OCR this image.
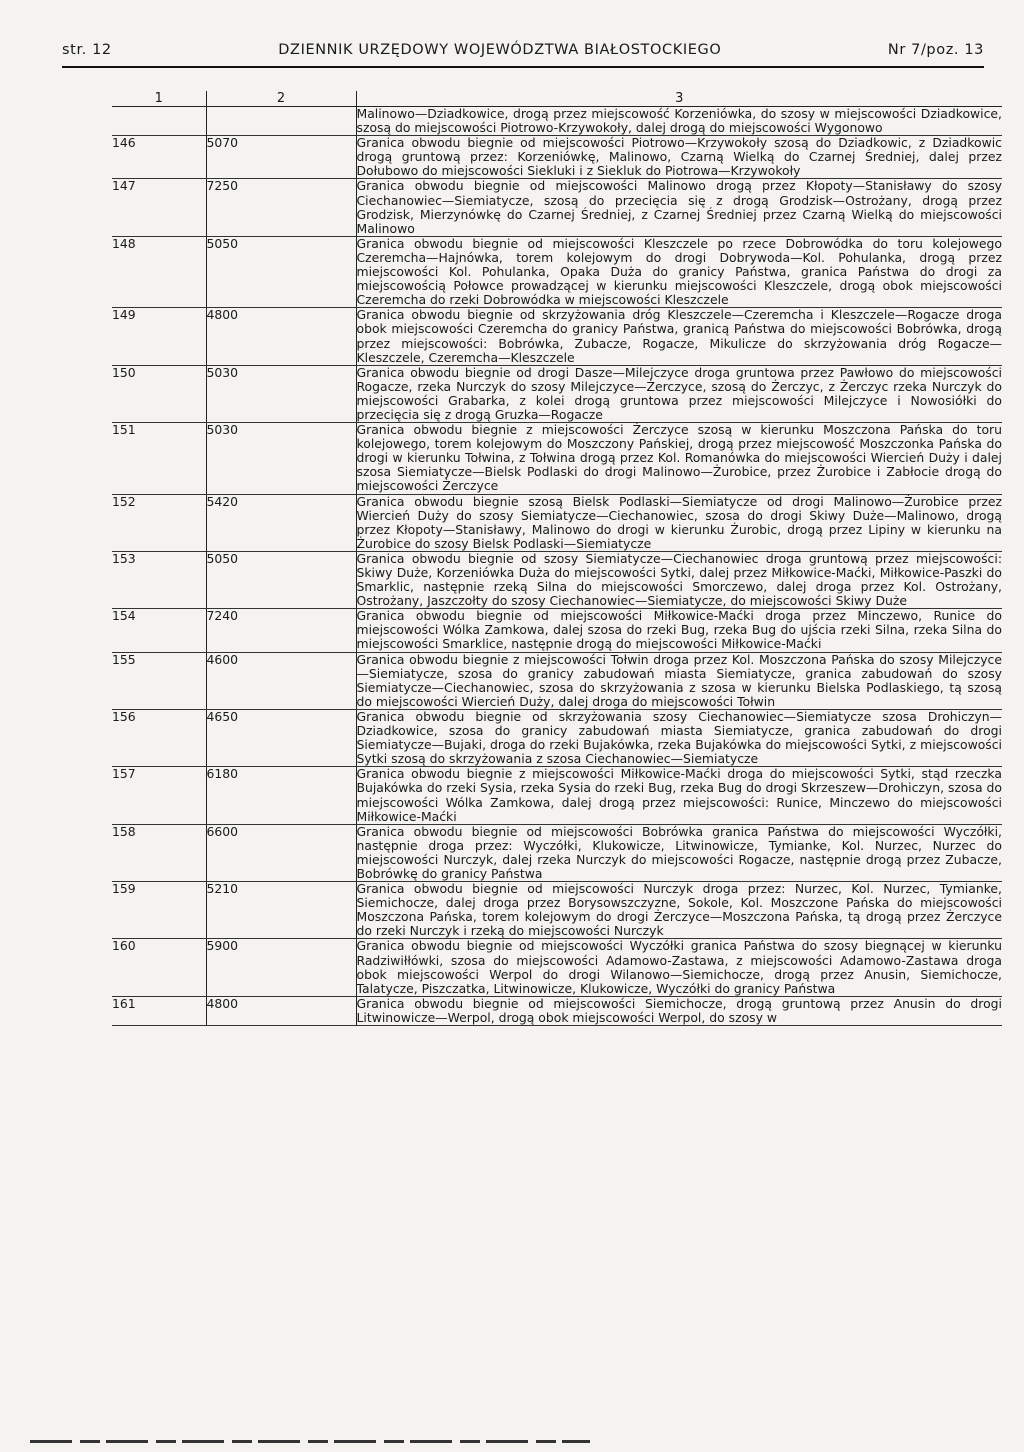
str. 12	DZIENNIK URZĘDOWY WOJEWÓDZTWA BIAŁOSTOCKIEGO	Nr 7/poz. 13
1	2	3
		Malinowo—Dziadkowice, drogą przez miejscowość Korzeniówka, do szosy w miejscowości Dziadkowice, szosą do miejscowości Piotrowo-Krzywokoły, dalej drogą do miejscowości Wygonowo
146	5070	Granica obwodu biegnie od miejscowości Piotrowo—Krzywokoły szosą do Dziadkowic, z Dziadkowic drogą gruntową przez: Korzeniówkę, Malinowo, Czarną Wielką do Czarnej Średniej, dalej przez Dołubowo do miejscowości Siekluki i z Siekluk do Piotrowa—Krzywokoły
147	7250	Granica obwodu biegnie od miejscowości Malinowo drogą przez Kłopoty—Stanisławy do szosy Ciechanowiec—Siemiatycze, szosą do przecięcia się z drogą Grodzisk—Ostrożany, drogą przez Grodzisk, Mierzynówkę do Czarnej Średniej, z Czarnej Średniej przez Czarną Wielką do miejscowości Malinowo
148	5050	Granica obwodu biegnie od miejscowości Kleszczele po rzece Dobrowódka do toru kolejowego Czeremcha—Hajnówka, torem kolejowym do drogi Dobrywoda—Kol. Pohulanka, drogą przez miejscowości Kol. Pohulanka, Opaka Duża do granicy Państwa, granica Państwa do drogi za miejscowością Połowce prowadzącej w kierunku miejscowości Kleszczele, drogą obok miejscowości Czeremcha do rzeki Dobrowódka w miejscowości Kleszczele
149	4800	Granica obwodu biegnie od skrzyżowania dróg Kleszczele—Czeremcha i Kleszczele—Rogacze droga obok miejscowości Czeremcha do granicy Państwa, granicą Państwa do miejscowości Bobrówka, drogą przez miejscowości: Bobrówka, Zubacze, Rogacze, Mikulicze do skrzyżowania dróg Rogacze—Kleszczele, Czeremcha—Kleszczele
150	5030	Granica obwodu biegnie od drogi Dasze—Milejczyce droga gruntowa przez Pawłowo do miejscowości Rogacze, rzeka Nurczyk do szosy Milejczyce—Żerczyce, szosą do Żerczyc, z Żerczyc rzeka Nurczyk do miejscowości Grabarka, z kolei drogą gruntowa przez miejscowości Milejczyce i Nowosiółki do przecięcia się z drogą Gruzka—Rogacze
151	5030	Granica obwodu biegnie z miejscowości Żerczyce szosą w kierunku Moszczona Pańska do toru kolejowego, torem kolejowym do Moszczony Pańskiej, drogą przez miejscowość Moszczonka Pańska do drogi w kierunku Tołwina, z Tołwina drogą przez Kol. Romanówka do miejscowości Wiercień Duży i dalej szosa Siemiatycze—Bielsk Podlaski do drogi Malinowo—Żurobice, przez Żurobice i Zabłocie drogą do miejscowości Żerczyce
152	5420	Granica obwodu biegnie szosą Bielsk Podlaski—Siemiatycze od drogi Malinowo—Żurobice przez Wiercień Duży do szosy Siemiatycze—Ciechanowiec, szosa do drogi Skiwy Duże—Malinowo, drogą przez Kłopoty—Stanisławy, Malinowo do drogi w kierunku Żurobic, drogą przez Lipiny w kierunku na Żurobice do szosy Bielsk Podlaski—Siemiatycze
153	5050	Granica obwodu biegnie od szosy Siemiatycze—Ciechanowiec droga gruntową przez miejscowości: Skiwy Duże, Korzeniówka Duża do miejscowości Sytki, dalej przez Miłkowice-Maćki, Miłkowice-Paszki do Smarklic, następnie rzeką Silna do miejscowości Smorczewo, dalej droga przez Kol. Ostrożany, Ostrożany, Jaszczołty do szosy Ciechanowiec—Siemiatycze, do miejscowości Skiwy Duże
154	7240	Granica obwodu biegnie od miejscowości Miłkowice-Maćki droga przez Minczewo, Runice do miejscowości Wólka Zamkowa, dalej szosa do rzeki Bug, rzeka Bug do ujścia rzeki Silna, rzeka Silna do miejscowości Smarklice, następnie drogą do miejscowości Miłkowice-Maćki
155	4600	Granica obwodu biegnie z miejscowości Tołwin droga przez Kol. Moszczona Pańska do szosy Milejczyce—Siemiatycze, szosa do granicy zabudowań miasta Siemiatycze, granica zabudowań do szosy Siemiatycze—Ciechanowiec, szosa do skrzyżowania z szosa w kierunku Bielska Podlaskiego, tą szosą do miejscowości Wiercień Duży, dalej droga do miejscowości Tołwin
156	4650	Granica obwodu biegnie od skrzyżowania szosy Ciechanowiec—Siemiatycze szosa Drohiczyn—Dziadkowice, szosa do granicy zabudowań miasta Siemiatycze, granica zabudowań do drogi Siemiatycze—Bujaki, droga do rzeki Bujakówka, rzeka Bujakówka do miejscowości Sytki, z miejscowości Sytki szosą do skrzyżowania z szosa Ciechanowiec—Siemiatycze
157	6180	Granica obwodu biegnie z miejscowości Miłkowice-Maćki droga do miejscowości Sytki, stąd rzeczka Bujakówka do rzeki Sysia, rzeka Sysia do rzeki Bug, rzeka Bug do drogi Skrzeszew—Drohiczyn, szosa do miejscowości Wólka Zamkowa, dalej drogą przez miejscowości: Runice, Minczewo do miejscowości Miłkowice-Maćki
158	6600	Granica obwodu biegnie od miejscowości Bobrówka granica Państwa do miejscowości Wyczółki, następnie droga przez: Wyczółki, Klukowicze, Litwinowicze, Tymianke, Kol. Nurzec, Nurzec do miejscowości Nurczyk, dalej rzeka Nurczyk do miejscowości Rogacze, następnie drogą przez Zubacze, Bobrówkę do granicy Państwa
159	5210	Granica obwodu biegnie od miejscowości Nurczyk droga przez: Nurzec, Kol. Nurzec, Tymianke, Siemichocze, dalej droga przez Borysowszczyzne, Sokole, Kol. Moszczone Pańska do miejscowości Moszczona Pańska, torem kolejowym do drogi Żerczyce—Moszczona Pańska, tą drogą przez Żerczyce do rzeki Nurczyk i rzeką do miejscowości Nurczyk
160	5900	Granica obwodu biegnie od miejscowości Wyczółki granica Państwa do szosy biegnącej w kierunku Radziwiłłówki, szosa do miejscowości Adamowo-Zastawa, z miejscowości Adamowo-Zastawa droga obok miejscowości Werpol do drogi Wilanowo—Siemichocze, drogą przez Anusin, Siemichocze, Talatycze, Piszczatka, Litwinowicze, Klukowicze, Wyczółki do granicy Państwa
161	4800	Granica obwodu biegnie od miejscowości Siemichocze, drogą gruntową przez Anusin do drogi Litwinowicze—Werpol, drogą obok miejscowości Werpol, do szosy w
